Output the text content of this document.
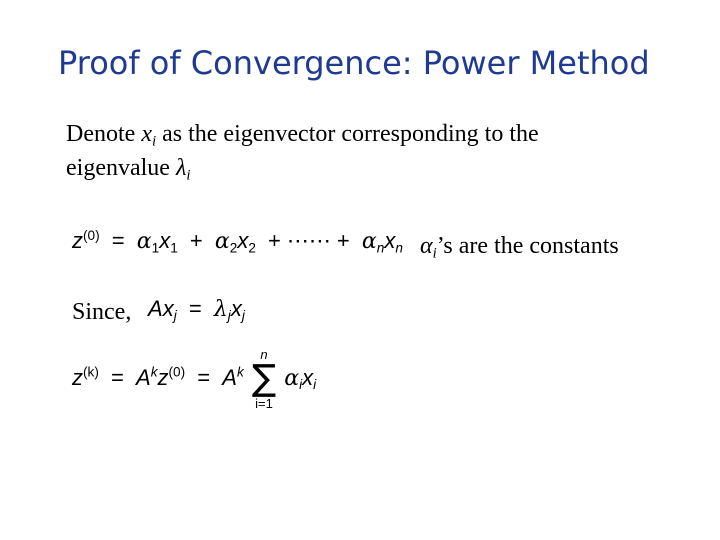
Proof of Convergence: Power Method
Denote $x_i$ as the eigenvector corresponding to the
eigenvalue $\lambda_i$
$z^{(0)} = \alpha_1x_1 + \alpha_2x_2$ + ⋯⋯ + $\alpha_nx_n$ $\alpha_i’s$ are the constants
Since, $Ax_j = \lambda_jx_j$
$z^{(k)} = A^kz^{(0)} = A^k$
n
∑
i=1
$\alpha_ix_i$
